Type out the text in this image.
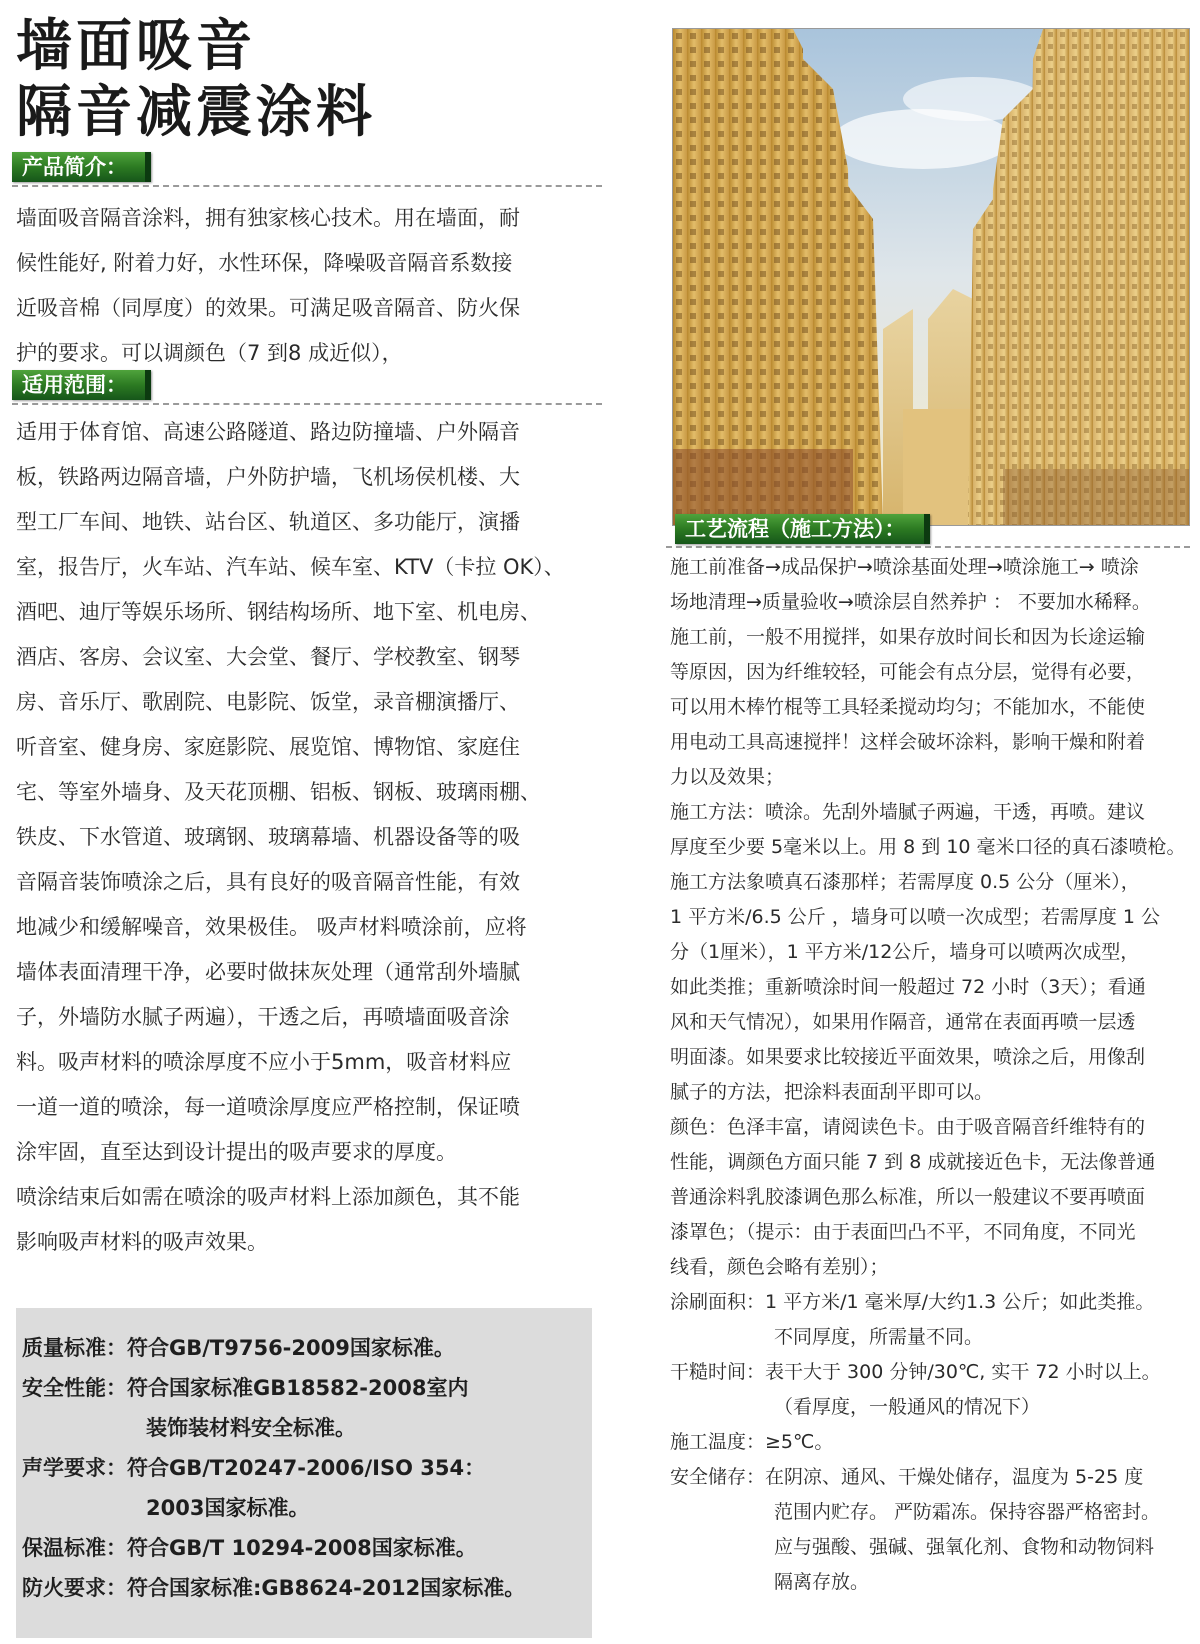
墙面吸音
隔音减震涂料
产品简介：

墙面吸音隔音涂料，拥有独家核心技术。用在墙面，耐

候性能好, 附着力好，水性环保，降噪吸音隔音系数接

近吸音棉（同厚度）的效果。可满足吸音隔音、防火保

护的要求。可以调颜色（7 到8 成近似），

适用范围：

适用于体育馆、高速公路隧道、路边防撞墙、户外隔音

板，铁路两边隔音墙，户外防护墙，飞机场侯机楼、大

型工厂车间、地铁、站台区、轨道区、多功能厅，演播

室，报告厅，火车站、汽车站、候车室、KTV（卡拉 OK）、

酒吧、迪厅等娱乐场所、钢结构场所、地下室、机电房、

酒店、客房、会议室、大会堂、餐厅、学校教室、钢琴

房、音乐厅、歌剧院、电影院、饭堂，录音棚演播厅、

听音室、健身房、家庭影院、展览馆、博物馆、家庭住

宅、等室外墙身、及天花顶棚、铝板、钢板、玻璃雨棚、

铁皮、下水管道、玻璃钢、玻璃幕墙、机器设备等的吸

音隔音装饰喷涂之后，具有良好的吸音隔音性能，有效

地减少和缓解噪音，效果极佳。 吸声材料喷涂前，应将

墙体表面清理干净，必要时做抹灰处理（通常刮外墙腻

子，外墙防水腻子两遍），干透之后，再喷墙面吸音涂

料。吸声材料的喷涂厚度不应小于5mm，吸音材料应

一道一道的喷涂，每一道喷涂厚度应严格控制，保证喷

涂牢固，直至达到设计提出的吸声要求的厚度。

喷涂结束后如需在喷涂的吸声材料上添加颜色，其不能

影响吸声材料的吸声效果。

质量标准：符合GB/T9756-2009国家标准。
安全性能：符合国家标准GB18582-2008室内
装饰装材料安全标准。
声学要求：符合GB/T20247-2006/ISO 354：
2003国家标准。
保温标准：符合GB/T 10294-2008国家标准。
防火要求：符合国家标准:GB8624-2012国家标准。
工艺流程（施工方法）：

施工前准备→成品保护→喷涂基面处理→喷涂施工→ 喷涂

场地清理→质量验收→喷涂层自然养护 ： 不要加水稀释。

施工前，一般不用搅拌，如果存放时间长和因为长途运输

等原因，因为纤维较轻，可能会有点分层，觉得有必要，

可以用木棒竹棍等工具轻柔搅动均匀；不能加水，不能使

用电动工具高速搅拌！这样会破坏涂料，影响干燥和附着

力以及效果；

施工方法：喷涂。先刮外墙腻子两遍，干透，再喷。建议

厚度至少要 5毫米以上。用 8 到 10 毫米口径的真石漆喷枪。

施工方法象喷真石漆那样；若需厚度 0.5 公分（厘米），

1 平方米/6.5 公斤 ，墙身可以喷一次成型；若需厚度 1 公

分（1厘米），1 平方米/12公斤，墙身可以喷两次成型，

如此类推；重新喷涂时间一般超过 72 小时（3天）；看通

风和天气情况），如果用作隔音，通常在表面再喷一层透

明面漆。如果要求比较接近平面效果，喷涂之后，用像刮

腻子的方法，把涂料表面刮平即可以。

颜色：色泽丰富，请阅读色卡。由于吸音隔音纤维特有的

性能，调颜色方面只能 7 到 8 成就接近色卡，无法像普通

普通涂料乳胶漆调色那么标准，所以一般建议不要再喷面

漆罩色；（提示：由于表面凹凸不平，不同角度，不同光

线看，颜色会略有差别）；

涂刷面积：1 平方米/1 毫米厚/大约1.3 公斤；如此类推。

不同厚度，所需量不同。

干糙时间：表干大于 300 分钟/30℃, 实干 72 小时以上。

（看厚度，一般通风的情况下）

施工温度：≥5℃。

安全储存：在阴凉、通风、干燥处储存，温度为 5-25 度

范围内贮存。 严防霜冻。保持容器严格密封。

应与强酸、强碱、强氧化剂、食物和动物饲料

隔离存放。
